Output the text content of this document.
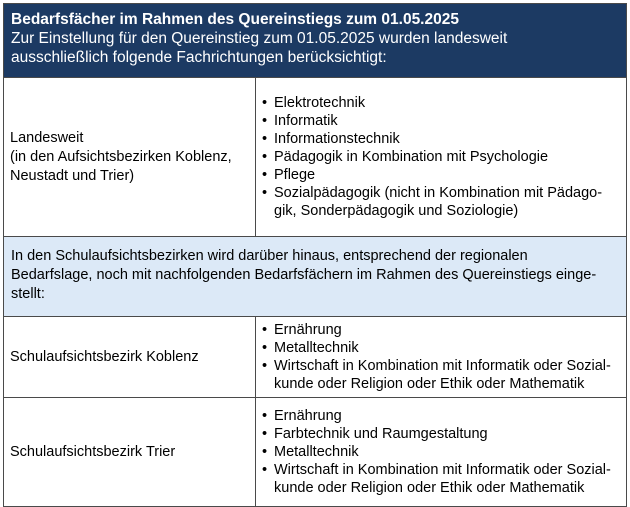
Bedarfsfächer im Rahmen des Quereinstiegs zum 01.05.2025
Zur Einstellung für den Quereinstieg zum 01.05.2025 wurden landesweit
ausschließlich folgende Fachrichtungen berücksichtigt:
Landesweit
(in den Aufsichtsbezirken Koblenz,
Neustadt und Trier)
• Elektrotechnik
• Informatik
• Informationstechnik
• Pädagogik in Kombination mit Psychologie
• Pflege
• Sozialpädagogik (nicht in Kombination mit Pädago-
gik, Sonderpädagogik und Soziologie)
In den Schulaufsichtsbezirken wird darüber hinaus, entsprechend der regionalen
Bedarfslage, noch mit nachfolgenden Bedarfsfächern im Rahmen des Quereinstiegs einge-
stellt:
Schulaufsichtsbezirk Koblenz
• Ernährung
• Metalltechnik
• Wirtschaft in Kombination mit Informatik oder Sozial-
kunde oder Religion oder Ethik oder Mathematik
Schulaufsichtsbezirk Trier
• Ernährung
• Farbtechnik und Raumgestaltung
• Metalltechnik
• Wirtschaft in Kombination mit Informatik oder Sozial-
kunde oder Religion oder Ethik oder Mathematik
